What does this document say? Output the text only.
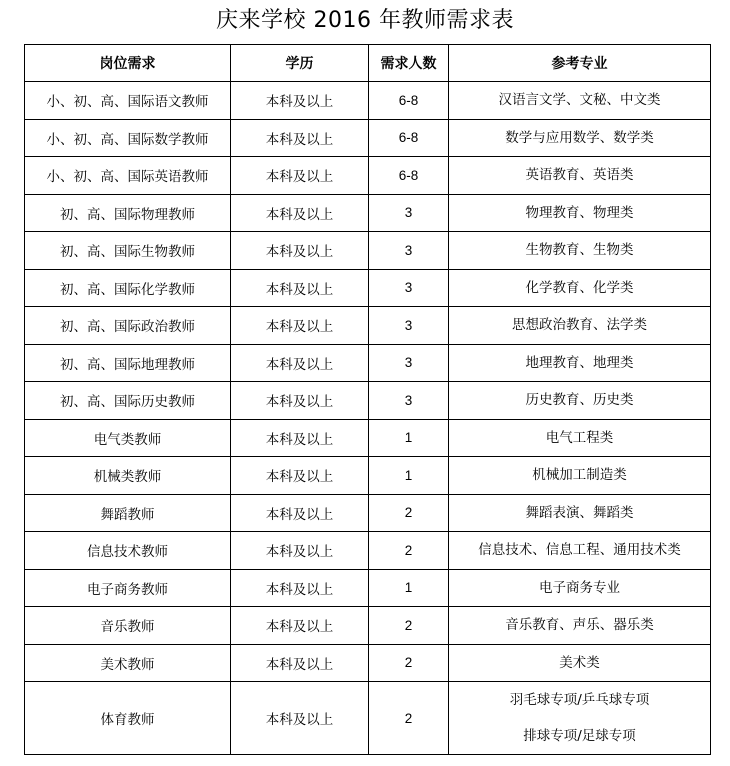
庆来学校 2016 年教师需求表
岗位需求	学历	需求人数	参考专业
小、初、高、国际语文教师	本科及以上	6-8	汉语言文学、文秘、中文类

小、初、高、国际数学教师	本科及以上	6-8	数学与应用数学、数学类

小、初、高、国际英语教师	本科及以上	6-8	英语教育、英语类

初、高、国际物理教师	本科及以上	3	物理教育、物理类

初、高、国际生物教师	本科及以上	3	生物教育、生物类

初、高、国际化学教师	本科及以上	3	化学教育、化学类

初、高、国际政治教师	本科及以上	3	思想政治教育、法学类

初、高、国际地理教师	本科及以上	3	地理教育、地理类

初、高、国际历史教师	本科及以上	3	历史教育、历史类

电气类教师	本科及以上	1	电气工程类

机械类教师	本科及以上	1	机械加工制造类

舞蹈教师	本科及以上	2	舞蹈表演、舞蹈类

信息技术教师	本科及以上	2	信息技术、信息工程、通用技术类

电子商务教师	本科及以上	1	电子商务专业

音乐教师	本科及以上	2	音乐教育、声乐、器乐类

美术教师	本科及以上	2	美术类

体育教师	本科及以上	2	羽毛球专项/乒乓球专项
排球专项/足球专项
